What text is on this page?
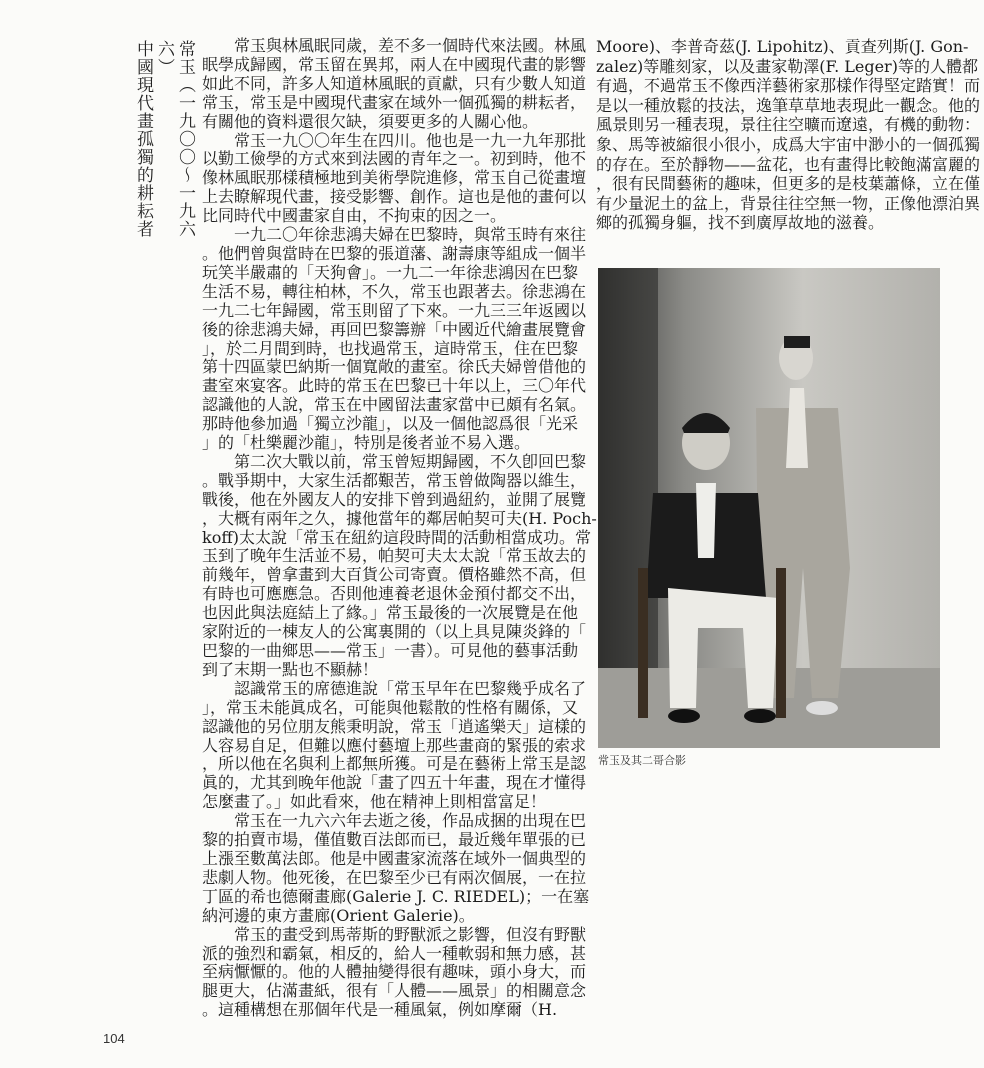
常玉（一九〇〇～一九六六）
中國現代畫孤獨的耕耘者	常玉與林風眠同歲，差不多一個時代來法國。林風
眠學成歸國，常玉留在異邦，兩人在中國現代畫的影響
如此不同，許多人知道林風眠的貢獻，只有少數人知道
常玉，常玉是中國現代畫家在域外一個孤獨的耕耘者，
有關他的資料還很欠缺，須要更多的人關心他。
常玉一九〇〇年生在四川。他也是一九一九年那批
以勤工儉學的方式來到法國的青年之一。初到時，他不
像林風眠那樣積極地到美術學院進修，常玉自己從畫壇
上去瞭解現代畫，接受影響、創作。這也是他的畫何以
比同時代中國畫家自由，不拘束的因之一。
一九二〇年徐悲鴻夫婦在巴黎時，與常玉時有來往
。他們曾與當時在巴黎的張道藩、謝壽康等組成一個半
玩笑半嚴肅的「天狗會」。一九二一年徐悲鴻因在巴黎
生活不易，轉往柏林，不久，常玉也跟著去。徐悲鴻在
一九二七年歸國，常玉則留了下來。一九三三年返國以
後的徐悲鴻夫婦，再回巴黎籌辦「中國近代繪畫展覽會
」，於二月間到時，也找過常玉，這時常玉，住在巴黎
第十四區蒙巴納斯一個寬敞的畫室。徐氏夫婦曾借他的
畫室來宴客。此時的常玉在巴黎已十年以上，三〇年代
認識他的人說，常玉在中國留法畫家當中已頗有名氣。
那時他參加過「獨立沙龍」，以及一個他認爲很「光采
」的「杜樂麗沙龍」，特別是後者並不易入選。
第二次大戰以前，常玉曾短期歸國，不久卽回巴黎
。戰爭期中，大家生活都艱苦，常玉曾做陶器以維生，
戰後，他在外國友人的安排下曾到過紐約，並開了展覽
，大概有兩年之久，據他當年的鄰居帕契可夫(H. Poch-
koff)太太說「常玉在紐約這段時間的活動相當成功。常
玉到了晚年生活並不易，帕契可夫太太說「常玉故去的
前幾年，曾拿畫到大百貨公司寄賣。價格雖然不高，但
有時也可應應急。否則他連養老退休金預付都交不出，
也因此與法庭結上了緣。」常玉最後的一次展覽是在他
家附近的一棟友人的公寓裏開的（以上具見陳炎鋒的「
巴黎的一曲鄉思——常玉」一書）。可見他的藝事活動
到了末期一點也不顯赫！
認識常玉的席德進說「常玉早年在巴黎幾乎成名了
」，常玉未能眞成名，可能與他鬆散的性格有關係，又
認識他的另位朋友熊秉明說，常玉「逍遙樂天」這樣的
人容易自足，但難以應付藝壇上那些畫商的緊張的索求
，所以他在名與利上都無所獲。可是在藝術上常玉是認
眞的，尤其到晚年他說「畫了四五十年畫，現在才懂得
怎麼畫了。」如此看來，他在精神上則相當富足！
常玉在一九六六年去逝之後，作品成捆的出現在巴
黎的拍賣市場，僅值數百法郎而已，最近幾年單張的已
上漲至數萬法郎。他是中國畫家流落在域外一個典型的
悲劇人物。他死後，在巴黎至少已有兩次個展，一在拉
丁區的希也德爾畫廊(Galerie J. C. RIEDEL)；一在塞
納河邊的東方畫廊(Orient Galerie)。
常玉的畫受到馬蒂斯的野獸派之影響，但沒有野獸
派的強烈和霸氣，相反的，給人一種軟弱和無力感，甚
至病懨懨的。他的人體抽變得很有趣味，頭小身大，而
腿更大，佔滿畫紙，很有「人體——風景」的相關意念
。這種構想在那個年代是一種風氣，例如摩爾（H.
Moore)、李普奇茲(J. Lipohitz)、貢查列斯(J. Gon-
zalez)等雕刻家，以及畫家勒澤(F. Leger)等的人體都
有過，不過常玉不像西洋藝術家那樣作得堅定踏實！而
是以一種放鬆的技法，逸筆草草地表現此一觀念。他的
風景則另一種表現，景往往空曠而遼遠，有機的動物：
象、馬等被縮很小很小，成爲大宇宙中渺小的一個孤獨
的存在。至於靜物——盆花，也有畫得比較飽滿富麗的
，很有民間藝術的趣味，但更多的是枝葉蕭條，立在僅
有少量泥土的盆上，背景往往空無一物，正像他漂泊異
鄉的孤獨身軀，找不到廣厚故地的滋養。
常玉及其二哥合影
104
